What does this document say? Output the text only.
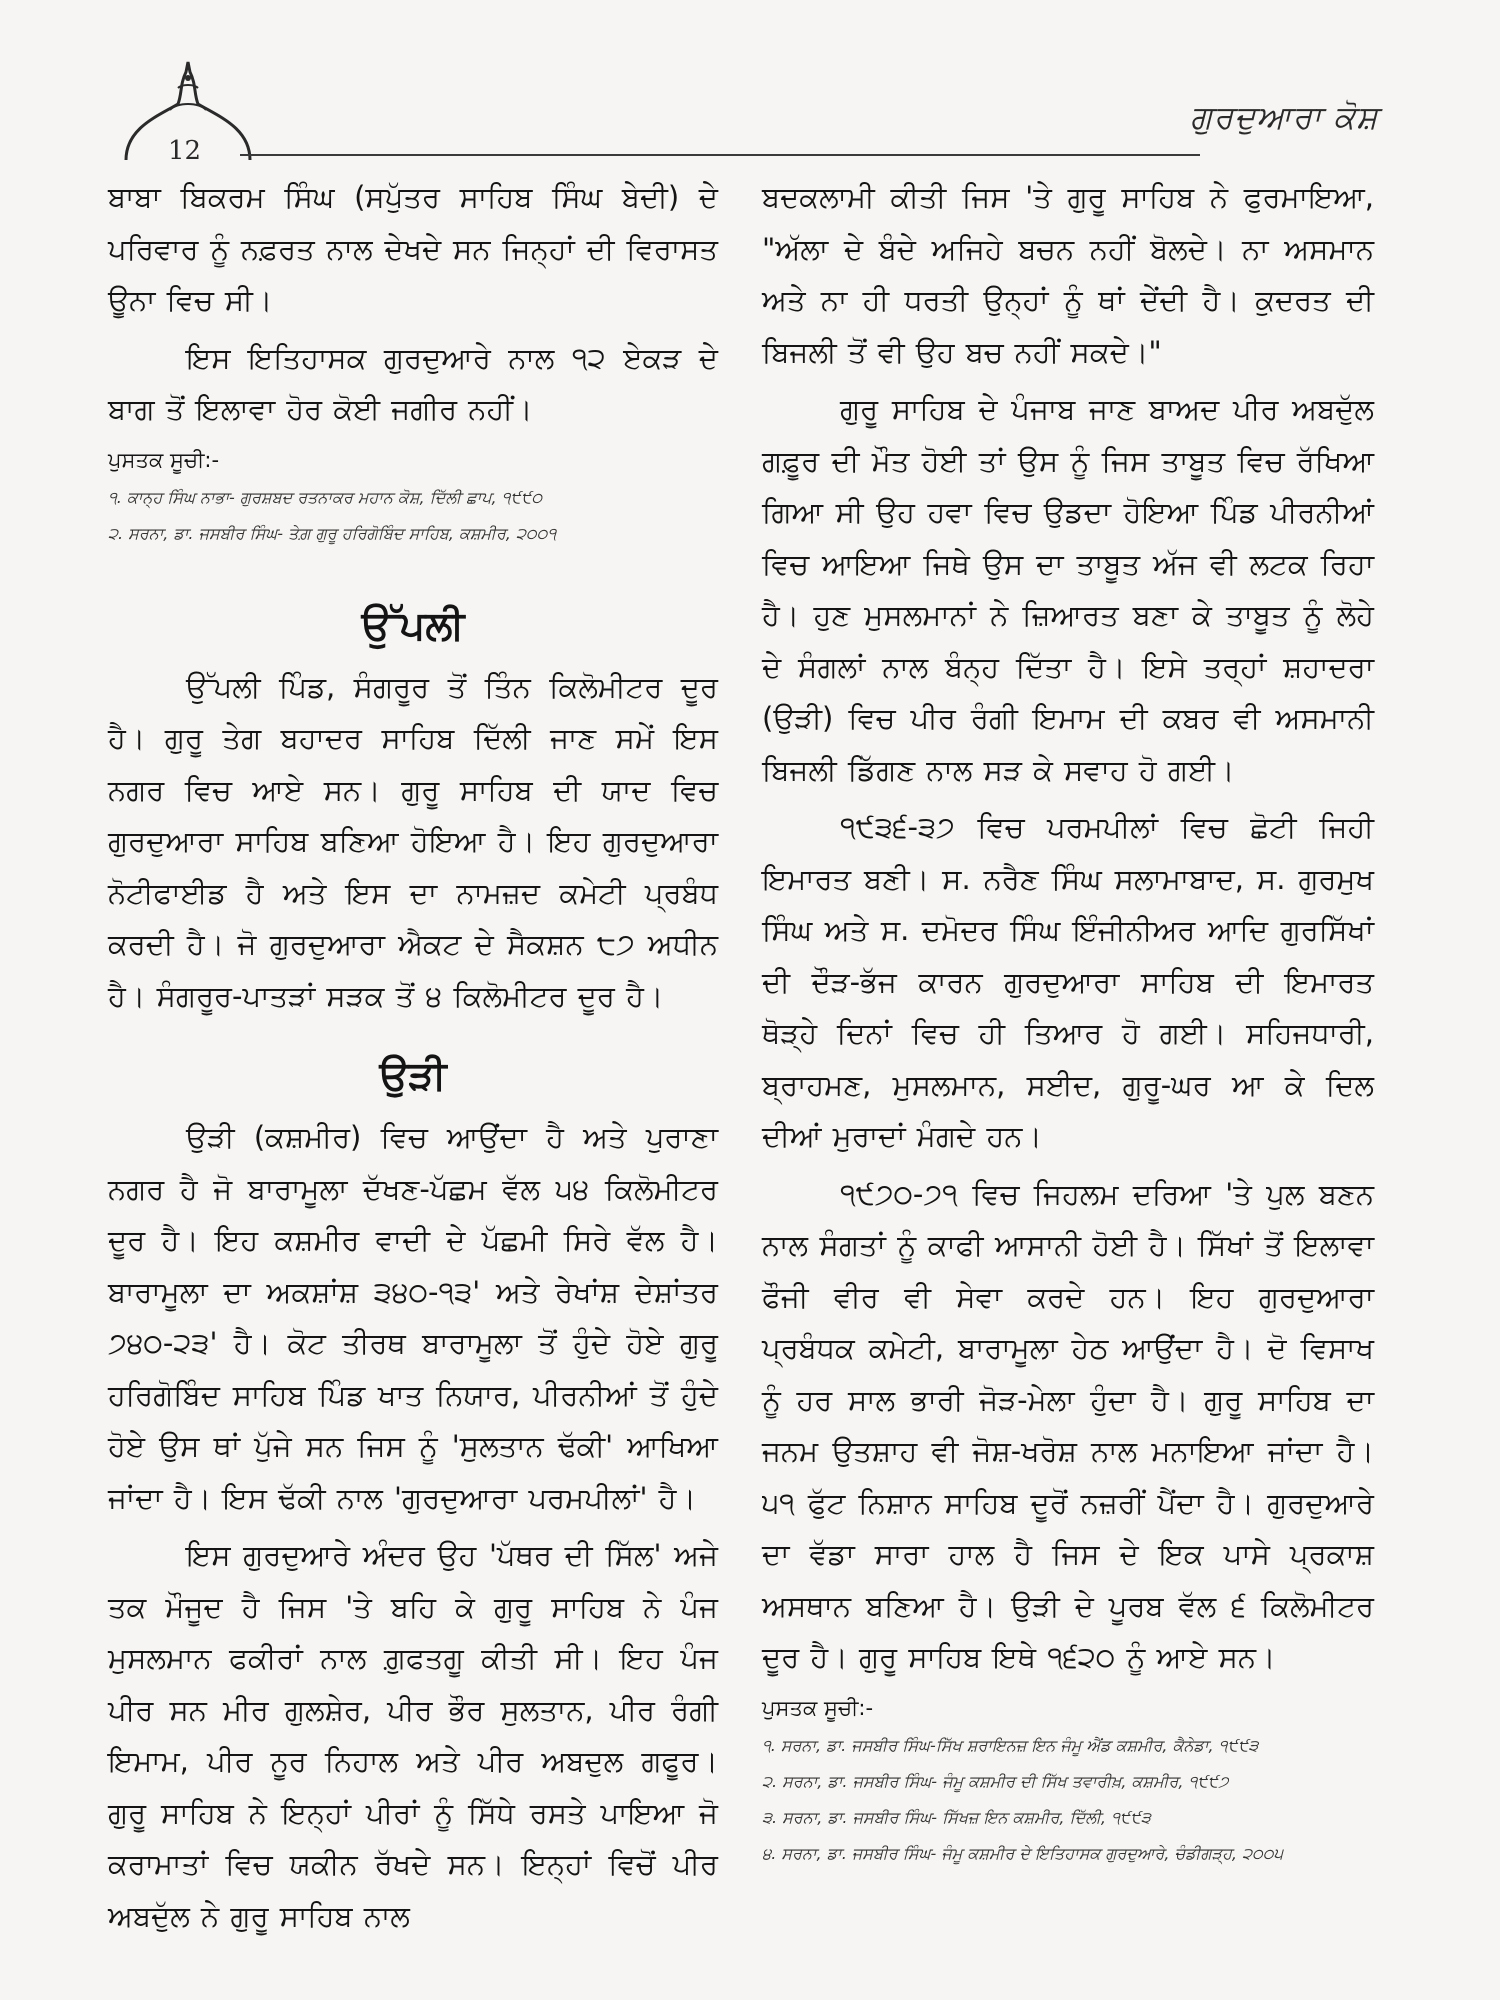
12
ਗੁਰਦੁਆਰਾ ਕੋਸ਼

ਬਾਬਾ ਬਿਕਰਮ ਸਿੰਘ (ਸਪੁੱਤਰ ਸਾਹਿਬ ਸਿੰਘ ਬੇਦੀ) ਦੇ ਪਰਿਵਾਰ ਨੂੰ ਨਫ਼ਰਤ ਨਾਲ ਦੇਖਦੇ ਸਨ ਜਿਨ੍ਹਾਂ ਦੀ ਵਿਰਾਸਤ ਊਨਾ ਵਿਚ ਸੀ।

ਇਸ ਇਤਿਹਾਸਕ ਗੁਰਦੁਆਰੇ ਨਾਲ ੧੨ ਏਕੜ ਦੇ ਬਾਗ ਤੋਂ ਇਲਾਵਾ ਹੋਰ ਕੋਈ ਜਗੀਰ ਨਹੀਂ।

ਪੁਸਤਕ ਸੂਚੀ:-
੧. ਕਾਨ੍ਹ ਸਿੰਘ ਨਾਭਾ- ਗੁਰਸ਼ਬਦ ਰਤਨਾਕਰ ਮਹਾਨ ਕੋਸ਼, ਦਿੱਲੀ ਛਾਪ, ੧੯੯੦
੨. ਸਰਨਾ, ਡਾ. ਜਸਬੀਰ ਸਿੰਘ- ਤੇਗ਼ ਗੁਰੂ ਹਰਿਗੋਬਿੰਦ ਸਾਹਿਬ, ਕਸ਼ਮੀਰ, ੨੦੦੧
ਉੱਪਲੀ

ਉੱਪਲੀ ਪਿੰਡ, ਸੰਗਰੂਰ ਤੋਂ ਤਿੰਨ ਕਿਲੋਮੀਟਰ ਦੂਰ ਹੈ। ਗੁਰੂ ਤੇਗ ਬਹਾਦਰ ਸਾਹਿਬ ਦਿੱਲੀ ਜਾਣ ਸਮੇਂ ਇਸ ਨਗਰ ਵਿਚ ਆਏ ਸਨ। ਗੁਰੂ ਸਾਹਿਬ ਦੀ ਯਾਦ ਵਿਚ ਗੁਰਦੁਆਰਾ ਸਾਹਿਬ ਬਣਿਆ ਹੋਇਆ ਹੈ। ਇਹ ਗੁਰਦੁਆਰਾ ਨੋਟੀਫਾਈਡ ਹੈ ਅਤੇ ਇਸ ਦਾ ਨਾਮਜ਼ਦ ਕਮੇਟੀ ਪ੍ਰਬੰਧ ਕਰਦੀ ਹੈ। ਜੋ ਗੁਰਦੁਆਰਾ ਐਕਟ ਦੇ ਸੈਕਸ਼ਨ ੮੭ ਅਧੀਨ ਹੈ। ਸੰਗਰੂਰ-ਪਾਤੜਾਂ ਸੜਕ ਤੋਂ ੪ ਕਿਲੋਮੀਟਰ ਦੂਰ ਹੈ।

ਉੜੀ

ਉੜੀ (ਕਸ਼ਮੀਰ) ਵਿਚ ਆਉਂਦਾ ਹੈ ਅਤੇ ਪੁਰਾਣਾ ਨਗਰ ਹੈ ਜੋ ਬਾਰਾਮੂਲਾ ਦੱਖਣ-ਪੱਛਮ ਵੱਲ ੫੪ ਕਿਲੋਮੀਟਰ ਦੂਰ ਹੈ। ਇਹ ਕਸ਼ਮੀਰ ਵਾਦੀ ਦੇ ਪੱਛਮੀ ਸਿਰੇ ਵੱਲ ਹੈ। ਬਾਰਾਮੂਲਾ ਦਾ ਅਕਸ਼ਾਂਸ਼ ੩੪੦-੧੩' ਅਤੇ ਰੇਖਾਂਸ਼ ਦੇਸ਼ਾਂਤਰ ੭੪੦-੨੩' ਹੈ। ਕੋਟ ਤੀਰਥ ਬਾਰਾਮੂਲਾ ਤੋਂ ਹੁੰਦੇ ਹੋਏ ਗੁਰੂ ਹਰਿਗੋਬਿੰਦ ਸਾਹਿਬ ਪਿੰਡ ਖਾਤ ਨਿਯਾਰ, ਪੀਰਨੀਆਂ ਤੋਂ ਹੁੰਦੇ ਹੋਏ ਉਸ ਥਾਂ ਪੁੱਜੇ ਸਨ ਜਿਸ ਨੂੰ 'ਸੁਲਤਾਨ ਢੱਕੀ' ਆਖਿਆ ਜਾਂਦਾ ਹੈ। ਇਸ ਢੱਕੀ ਨਾਲ 'ਗੁਰਦੁਆਰਾ ਪਰਮਪੀਲਾਂ' ਹੈ।

ਇਸ ਗੁਰਦੁਆਰੇ ਅੰਦਰ ਉਹ 'ਪੱਥਰ ਦੀ ਸਿੱਲ' ਅਜੇ ਤਕ ਮੌਜੂਦ ਹੈ ਜਿਸ 'ਤੇ ਬਹਿ ਕੇ ਗੁਰੂ ਸਾਹਿਬ ਨੇ ਪੰਜ ਮੁਸਲਮਾਨ ਫਕੀਰਾਂ ਨਾਲ ਗ਼ੁਫਤਗੂ ਕੀਤੀ ਸੀ। ਇਹ ਪੰਜ ਪੀਰ ਸਨ ਮੀਰ ਗੁਲਸ਼ੇਰ, ਪੀਰ ਭੌਰ ਸੁਲਤਾਨ, ਪੀਰ ਰੰਗੀ ਇਮਾਮ, ਪੀਰ ਨੂਰ ਨਿਹਾਲ ਅਤੇ ਪੀਰ ਅਬਦੁਲ ਗਫੂਰ। ਗੁਰੂ ਸਾਹਿਬ ਨੇ ਇਨ੍ਹਾਂ ਪੀਰਾਂ ਨੂੰ ਸਿੱਧੇ ਰਸਤੇ ਪਾਇਆ ਜੋ ਕਰਾਮਾਤਾਂ ਵਿਚ ਯਕੀਨ ਰੱਖਦੇ ਸਨ। ਇਨ੍ਹਾਂ ਵਿਚੋਂ ਪੀਰ ਅਬਦੁੱਲ ਨੇ ਗੁਰੂ ਸਾਹਿਬ ਨਾਲ

ਬਦਕਲਾਮੀ ਕੀਤੀ ਜਿਸ 'ਤੇ ਗੁਰੂ ਸਾਹਿਬ ਨੇ ਫੁਰਮਾਇਆ, "ਅੱਲਾ ਦੇ ਬੰਦੇ ਅਜਿਹੇ ਬਚਨ ਨਹੀਂ ਬੋਲਦੇ। ਨਾ ਅਸਮਾਨ ਅਤੇ ਨਾ ਹੀ ਧਰਤੀ ਉਨ੍ਹਾਂ ਨੂੰ ਥਾਂ ਦੇਂਦੀ ਹੈ। ਕੁਦਰਤ ਦੀ ਬਿਜਲੀ ਤੋਂ ਵੀ ਉਹ ਬਚ ਨਹੀਂ ਸਕਦੇ।"

ਗੁਰੂ ਸਾਹਿਬ ਦੇ ਪੰਜਾਬ ਜਾਣ ਬਾਅਦ ਪੀਰ ਅਬਦੁੱਲ ਗਫ਼ੂਰ ਦੀ ਮੌਤ ਹੋਈ ਤਾਂ ਉਸ ਨੂੰ ਜਿਸ ਤਾਬੂਤ ਵਿਚ ਰੱਖਿਆ ਗਿਆ ਸੀ ਉਹ ਹਵਾ ਵਿਚ ਉਡਦਾ ਹੋਇਆ ਪਿੰਡ ਪੀਰਨੀਆਂ ਵਿਚ ਆਇਆ ਜਿਥੇ ਉਸ ਦਾ ਤਾਬੂਤ ਅੱਜ ਵੀ ਲਟਕ ਰਿਹਾ ਹੈ। ਹੁਣ ਮੁਸਲਮਾਨਾਂ ਨੇ ਜ਼ਿਆਰਤ ਬਣਾ ਕੇ ਤਾਬੂਤ ਨੂੰ ਲੋਹੇ ਦੇ ਸੰਗਲਾਂ ਨਾਲ ਬੰਨ੍ਹ ਦਿੱਤਾ ਹੈ। ਇਸੇ ਤਰ੍ਹਾਂ ਸ਼ਹਾਦਰਾ (ਉੜੀ) ਵਿਚ ਪੀਰ ਰੰਗੀ ਇਮਾਮ ਦੀ ਕਬਰ ਵੀ ਅਸਮਾਨੀ ਬਿਜਲੀ ਡਿੱਗਣ ਨਾਲ ਸੜ ਕੇ ਸਵਾਹ ਹੋ ਗਈ।

੧੯੩੬-੩੭ ਵਿਚ ਪਰਮਪੀਲਾਂ ਵਿਚ ਛੋਟੀ ਜਿਹੀ ਇਮਾਰਤ ਬਣੀ। ਸ. ਨਰੈਣ ਸਿੰਘ ਸਲਾਮਾਬਾਦ, ਸ. ਗੁਰਮੁਖ ਸਿੰਘ ਅਤੇ ਸ. ਦਮੋਦਰ ਸਿੰਘ ਇੰਜੀਨੀਅਰ ਆਦਿ ਗੁਰਸਿੱਖਾਂ ਦੀ ਦੌੜ-ਭੱਜ ਕਾਰਨ ਗੁਰਦੁਆਰਾ ਸਾਹਿਬ ਦੀ ਇਮਾਰਤ ਥੋੜ੍ਹੇ ਦਿਨਾਂ ਵਿਚ ਹੀ ਤਿਆਰ ਹੋ ਗਈ। ਸਹਿਜਧਾਰੀ, ਬ੍ਰਾਹਮਣ, ਮੁਸਲਮਾਨ, ਸਈਦ, ਗੁਰੂ-ਘਰ ਆ ਕੇ ਦਿਲ ਦੀਆਂ ਮੁਰਾਦਾਂ ਮੰਗਦੇ ਹਨ।

੧੯੭੦-੭੧ ਵਿਚ ਜਿਹਲਮ ਦਰਿਆ 'ਤੇ ਪੁਲ ਬਣਨ ਨਾਲ ਸੰਗਤਾਂ ਨੂੰ ਕਾਫੀ ਆਸਾਨੀ ਹੋਈ ਹੈ। ਸਿੱਖਾਂ ਤੋਂ ਇਲਾਵਾ ਫੌਜੀ ਵੀਰ ਵੀ ਸੇਵਾ ਕਰਦੇ ਹਨ। ਇਹ ਗੁਰਦੁਆਰਾ ਪ੍ਰਬੰਧਕ ਕਮੇਟੀ, ਬਾਰਾਮੂਲਾ ਹੇਠ ਆਉਂਦਾ ਹੈ। ਦੋ ਵਿਸਾਖ ਨੂੰ ਹਰ ਸਾਲ ਭਾਰੀ ਜੋੜ-ਮੇਲਾ ਹੁੰਦਾ ਹੈ। ਗੁਰੂ ਸਾਹਿਬ ਦਾ ਜਨਮ ਉਤਸ਼ਾਹ ਵੀ ਜੋਸ਼-ਖਰੋਸ਼ ਨਾਲ ਮਨਾਇਆ ਜਾਂਦਾ ਹੈ। ੫੧ ਫੁੱਟ ਨਿਸ਼ਾਨ ਸਾਹਿਬ ਦੂਰੋਂ ਨਜ਼ਰੀਂ ਪੈਂਦਾ ਹੈ। ਗੁਰਦੁਆਰੇ ਦਾ ਵੱਡਾ ਸਾਰਾ ਹਾਲ ਹੈ ਜਿਸ ਦੇ ਇਕ ਪਾਸੇ ਪ੍ਰਕਾਸ਼ ਅਸਥਾਨ ਬਣਿਆ ਹੈ। ਉੜੀ ਦੇ ਪੂਰਬ ਵੱਲ ੬ ਕਿਲੋਮੀਟਰ ਦੂਰ ਹੈ। ਗੁਰੂ ਸਾਹਿਬ ਇਥੇ ੧੬੨੦ ਨੂੰ ਆਏ ਸਨ।

ਪੁਸਤਕ ਸੂਚੀ:-
੧. ਸਰਨਾ, ਡਾ. ਜਸਬੀਰ ਸਿੰਘ-ਸਿੱਖ ਸ਼ਰਾਇਨਜ਼ ਇਨ ਜੰਮੂ ਐਂਡ ਕਸ਼ਮੀਰ, ਕੈਨੇਡਾ, ੧੯੯੩
੨. ਸਰਨਾ, ਡਾ. ਜਸਬੀਰ ਸਿੰਘ- ਜੰਮੂ ਕਸ਼ਮੀਰ ਦੀ ਸਿੱਖ ਤਵਾਰੀਖ਼, ਕਸ਼ਮੀਰ, ੧੯੯੭
੩. ਸਰਨਾ, ਡਾ. ਜਸਬੀਰ ਸਿੰਘ- ਸਿੱਖਜ਼ ਇਨ ਕਸ਼ਮੀਰ, ਦਿੱਲੀ, ੧੯੯੩
੪. ਸਰਨਾ, ਡਾ. ਜਸਬੀਰ ਸਿੰਘ- ਜੰਮੂ ਕਸ਼ਮੀਰ ਦੇ ਇਤਿਹਾਸਕ ਗੁਰਦੁਆਰੇ, ਚੰਡੀਗੜ੍ਹ, ੨੦੦੫
